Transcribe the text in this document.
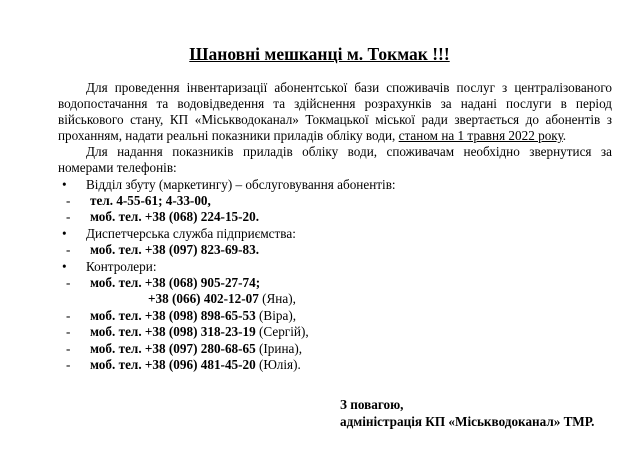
Шановні мешканці м. Токмак !!!
Для проведення інвентаризації абонентської бази споживачів послуг з централізованого
водопостачання та водовідведення та здійснення розрахунків за надані послуги в період
військового стану, КП «Міськводоканал» Токмацької міської ради звертається до абонентів з
проханням, надати реальні показники приладів обліку води, станом на 1 травня 2022 року.
Для надання показників приладів обліку води, споживачам необхідно звернутися за
номерами телефонів:
• Відділ збуту (маркетингу) – обслуговування абонентів:
- тел. 4-55-61; 4-33-00,
- моб. тел. +38 (068) 224-15-20.
• Диспетчерська служба підприємства:
- моб. тел. +38 (097) 823-69-83.
• Контролери:
- моб. тел. +38 (068) 905-27-74;
+38 (066) 402-12-07 (Яна),
- моб. тел. +38 (098) 898-65-53 (Віра),
- моб. тел. +38 (098) 318-23-19 (Сергій),
- моб. тел. +38 (097) 280-68-65 (Ірина),
- моб. тел. +38 (096) 481-45-20 (Юлія).
З повагою,
адміністрація КП «Міськводоканал» ТМР.
